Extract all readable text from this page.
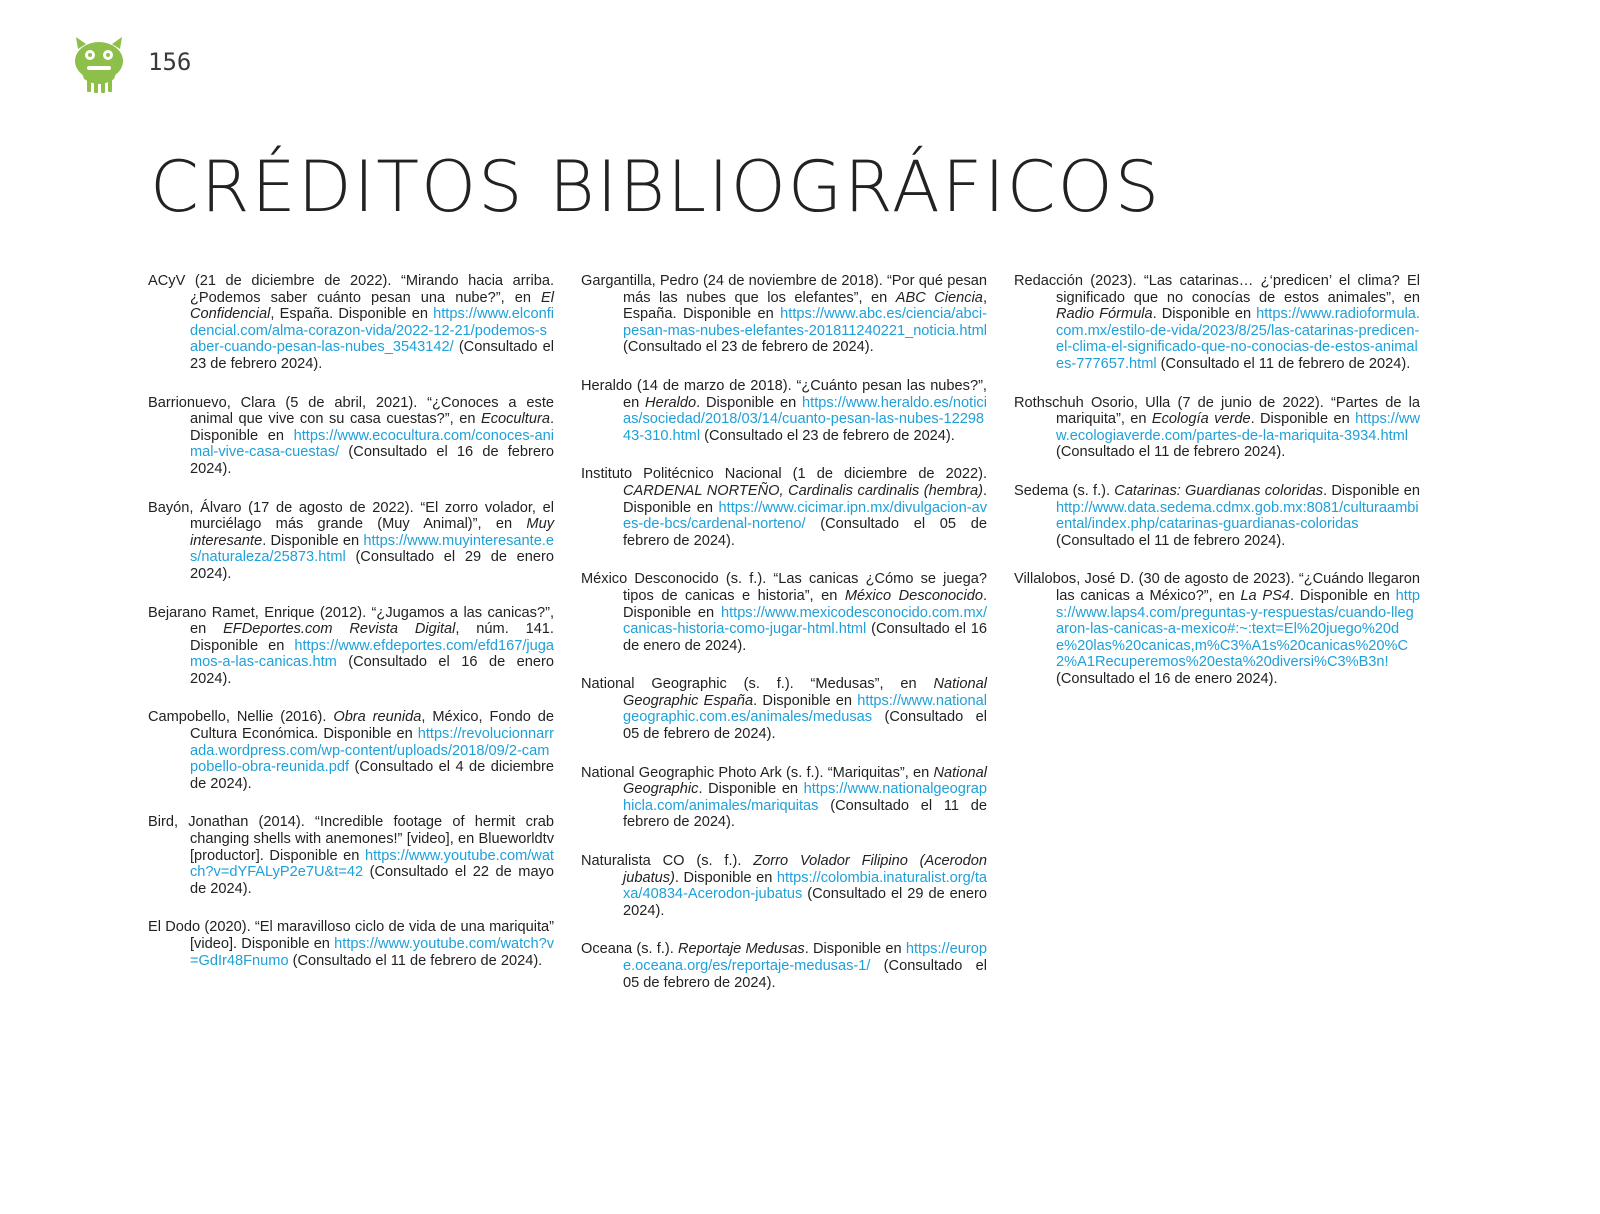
156
CRÉDITOS BIBLIOGRÁFICOS

ACyV (21 de diciembre de 2022). “Mirando hacia arriba. ¿Podemos saber cuánto pesan una nube?”, en El Confidencial, España. Disponible en https://www.elconfidencial.com/alma-corazon-vida/2022-12-21/podemos-saber-cuando-pesan-las-nubes_3543142/ (Consultado el 23 de febrero 2024).

Barrionuevo, Clara (5 de abril, 2021). “¿Conoces a este animal que vive con su casa cuestas?”, en Ecocultura. Disponible en https://www.ecocultura.com/conoces-animal-vive-casa-cuestas/ (Consultado el 16 de febrero 2024).

Bayón, Álvaro (17 de agosto de 2022). “El zorro volador, el murciélago más grande (Muy Animal)”, en Muy interesante. Disponible en https://www.muyinteresante.es/naturaleza/25873.html (Consultado el 29 de enero 2024).

Bejarano Ramet, Enrique (2012). “¿Jugamos a las canicas?”, en EFDeportes.com Revista Digital, núm. 141. Disponible en https://www.efdeportes.com/efd167/jugamos-a-las-canicas.htm (Consultado el 16 de enero 2024).

Campobello, Nellie (2016). Obra reunida, México, Fondo de Cultura Económica. Disponible en https://revolucionnarrada.wordpress.com/wp-content/uploads/2018/09/2-campobello-obra-reunida.pdf (Consultado el 4 de diciembre de 2024).

Bird, Jonathan (2014). “Incredible footage of hermit crab changing shells with anemones!” [video], en Blueworldtv [productor]. Disponible en https://www.youtube.com/watch?v=dYFALyP2e7U&t=42 (Consultado el 22 de mayo de 2024).

El Dodo (2020). “El maravilloso ciclo de vida de una mariquita” [video]. Disponible en https://www.youtube.com/watch?v=GdIr48Fnumo (Consultado el 11 de febrero de 2024).

Gargantilla, Pedro (24 de noviembre de 2018). “Por qué pesan más las nubes que los elefantes”, en ABC Ciencia, España. Disponible en https://www.abc.es/ciencia/abci-pesan-mas-nubes-elefantes-201811240221_noticia.html (Consultado el 23 de febrero de 2024).

Heraldo (14 de marzo de 2018). “¿Cuánto pesan las nubes?”, en Heraldo. Disponible en https://www.heraldo.es/noticias/sociedad/2018/03/14/cuanto-pesan-las-nubes-1229843-310.html (Consultado el 23 de febrero de 2024).

Instituto Politécnico Nacional (1 de diciembre de 2022). CARDENAL NORTEÑO, Cardinalis cardinalis (hembra). Disponible en https://www.cicimar.ipn.mx/divulgacion-aves-de-bcs/cardenal-norteno/ (Consultado el 05 de febrero de 2024).

México Desconocido (s. f.). “Las canicas ¿Cómo se juega? tipos de canicas e historia”, en México Desconocido. Disponible en https://www.mexicodesconocido.com.mx/canicas-historia-como-jugar-html.html (Consultado el 16 de enero de 2024).

National Geographic (s. f.). “Medusas”, en National Geographic España. Disponible en https://www.nationalgeographic.com.es/animales/medusas (Consultado el 05 de febrero de 2024).

National Geographic Photo Ark (s. f.). “Mariquitas”, en National Geographic. Disponible en https://www.nationalgeographicla.com/animales/mariquitas (Consultado el 11 de febrero de 2024).

Naturalista CO (s. f.). Zorro Volador Filipino (Acerodon jubatus). Disponible en https://colombia.inaturalist.org/taxa/40834-Acerodon-jubatus (Consultado el 29 de enero 2024).

Oceana (s. f.). Reportaje Medusas. Disponible en https://europe.oceana.org/es/reportaje-medusas-1/ (Consultado el 05 de febrero de 2024).

Redacción (2023). “Las catarinas… ¿‘predicen’ el clima? El significado que no conocías de estos animales”, en Radio Fórmula. Disponible en https://www.radioformula.com.mx/estilo-de-vida/2023/8/25/las-catarinas-predicen-el-clima-el-significado-que-no-conocias-de-estos-animales-777657.html (Consultado el 11 de febrero de 2024).

Rothschuh Osorio, Ulla (7 de junio de 2022). “Partes de la mariquita”, en Ecología verde. Disponible en https://www.ecologiaverde.com/partes-de-la-mariquita-3934.html (Consultado el 11 de febrero 2024).

Sedema (s. f.). Catarinas: Guardianas coloridas. Disponible en http://www.data.sedema.cdmx.gob.mx:8081/culturaambiental/index.php/catarinas-guardianas-coloridas (Consultado el 11 de febrero 2024).

Villalobos, José D. (30 de agosto de 2023). “¿Cuándo llegaron las canicas a México?”, en La PS4. Disponible en https://www.laps4.com/preguntas-y-respuestas/cuando-llegaron-las-canicas-a-mexico#:~:text=El%20juego%20de%20las%20canicas,m%C3%A1s%20canicas%20%C2%A1Recuperemos%20esta%20diversi%C3%B3n! (Consultado el 16 de enero 2024).
